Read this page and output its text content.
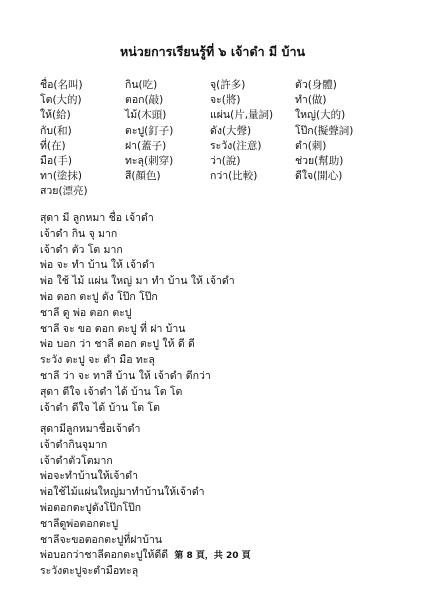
หน่วยการเรียนรู้ที่ ๖ เจ้าดำ มี บ้าน
ชื่อ(名叫)	กิน(吃)	จุ(許多)	ตัว(身體)
โต(大的)	ตอก(敲)	จะ(將)	ทำ(做)
ให้(給)	ไม้(木頭)	แผ่น(片,量詞)	ใหญ่(大的)
กับ(和)	ตะปู(釘子)	ดัง(大聲)	โป๊ก(擬聲詞)
ที่(在)	ฝา(蓋子)	ระวัง(注意)	ตำ(刺)
มือ(手)	ทะลุ(刺穿)	ว่า(說)	ช่วย(幫助)
ทา(塗抹)	สี(顏色)	กว่า(比較)	ดีใจ(開心)
สวย(漂亮)
สุดา มี ลูกหมา ชื่อ เจ้าดำ
เจ้าดำ กิน จุ มาก
เจ้าดำ ตัว โต มาก
พ่อ จะ ทำ บ้าน ให้ เจ้าดำ
พ่อ ใช้ ไม้ แผ่น ใหญ่ มา ทำ บ้าน ให้ เจ้าดำ
พ่อ ตอก ตะปู ดัง โป๊ก โป๊ก
ชาลี ดู พ่อ ตอก ตะปู
ชาลี จะ ขอ ตอก ตะปู ที่ ฝา บ้าน
พ่อ บอก ว่า ชาลี ตอก ตะปู ให้ ดี ดี
ระวัง ตะปู จะ ตำ มือ ทะลุ
ชาลี ว่า จะ ทาสี บ้าน ให้ เจ้าดำ ดีกว่า
สุดา ดีใจ เจ้าดำ ได้ บ้าน โต โต
เจ้าดำ ดีใจ ได้ บ้าน โต โต
สุดามีลูกหมาชื่อเจ้าดำ
เจ้าดำกินจุมาก
เจ้าดำตัวโตมาก
พ่อจะทำบ้านให้เจ้าดำ
พ่อใช้ไม้แผ่นใหญ่มาทำบ้านให้เจ้าดำ
พ่อตอกตะปูดังโป๊กโป๊ก
ชาลีดูพ่อตอกตะปู
ชาลีจะขอตอกตะปูที่ฝาบ้าน
พ่อบอกว่าชาลีตอกตะปูให้ดีดี
ระวังตะปูจะตำมือทะลุ
第 8 頁，共 20 頁
